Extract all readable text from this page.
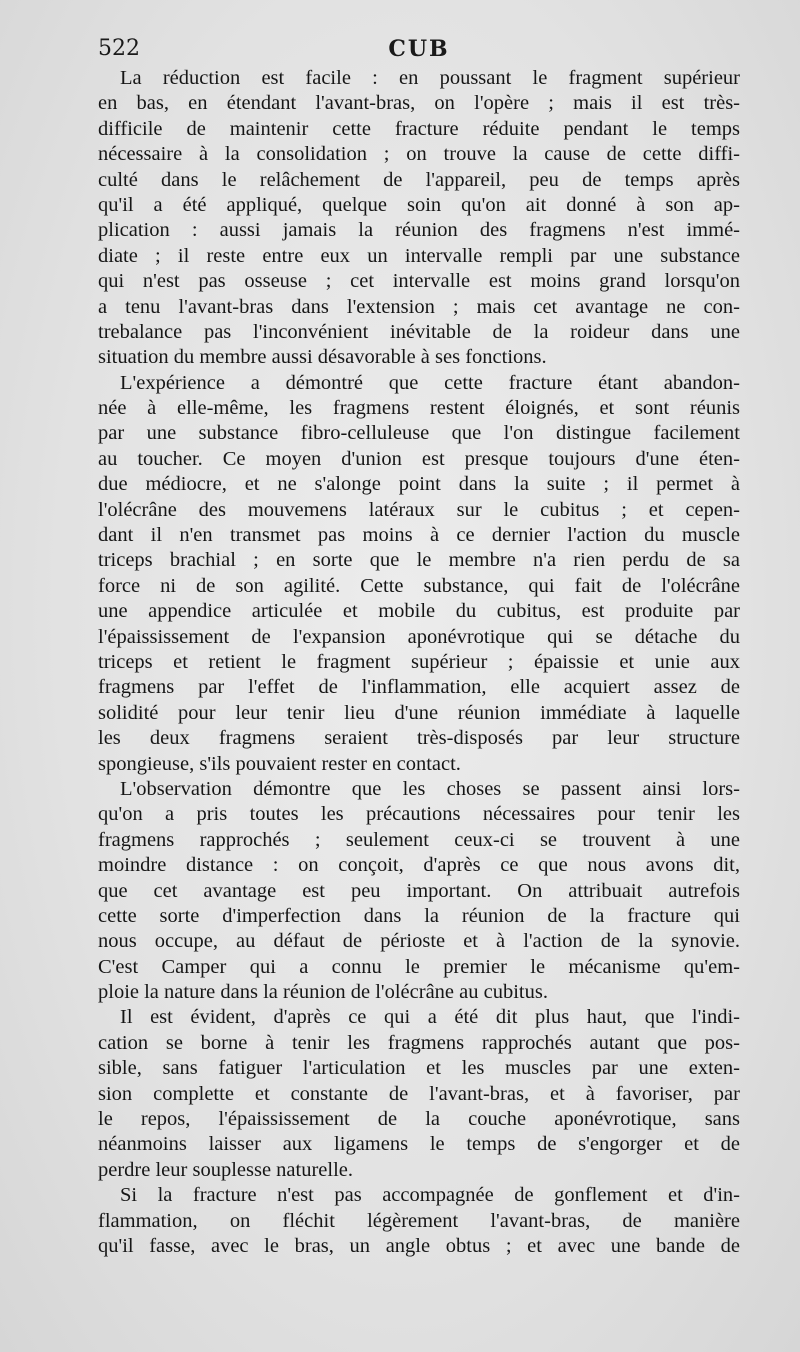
522	CUB

La réduction est facile : en poussant le fragment supérieur
en bas, en étendant l'avant-bras, on l'opère ; mais il est très-
difficile de maintenir cette fracture réduite pendant le temps
nécessaire à la consolidation ; on trouve la cause de cette diffi-
culté dans le relâchement de l'appareil, peu de temps après
qu'il a été appliqué, quelque soin qu'on ait donné à son ap-
plication : aussi jamais la réunion des fragmens n'est immé-
diate ; il reste entre eux un intervalle rempli par une substance
qui n'est pas osseuse ; cet intervalle est moins grand lorsqu'on
a tenu l'avant-bras dans l'extension ; mais cet avantage ne con-
trebalance pas l'inconvénient inévitable de la roideur dans une
situation du membre aussi désavorable à ses fonctions.

L'expérience a démontré que cette fracture étant abandon-
née à elle-même, les fragmens restent éloignés, et sont réunis
par une substance fibro-celluleuse que l'on distingue facilement
au toucher. Ce moyen d'union est presque toujours d'une éten-
due médiocre, et ne s'alonge point dans la suite ; il permet à
l'olécrâne des mouvemens latéraux sur le cubitus ; et cepen-
dant il n'en transmet pas moins à ce dernier l'action du muscle
triceps brachial ; en sorte que le membre n'a rien perdu de sa
force ni de son agilité. Cette substance, qui fait de l'olécrâne
une appendice articulée et mobile du cubitus, est produite par
l'épaississement de l'expansion aponévrotique qui se détache du
triceps et retient le fragment supérieur ; épaissie et unie aux
fragmens par l'effet de l'inflammation, elle acquiert assez de
solidité pour leur tenir lieu d'une réunion immédiate à laquelle
les deux fragmens seraient très-disposés par leur structure
spongieuse, s'ils pouvaient rester en contact.

L'observation démontre que les choses se passent ainsi lors-
qu'on a pris toutes les précautions nécessaires pour tenir les
fragmens rapprochés ; seulement ceux-ci se trouvent à une
moindre distance : on conçoit, d'après ce que nous avons dit,
que cet avantage est peu important. On attribuait autrefois
cette sorte d'imperfection dans la réunion de la fracture qui
nous occupe, au défaut de périoste et à l'action de la synovie.
C'est Camper qui a connu le premier le mécanisme qu'em-
ploie la nature dans la réunion de l'olécrâne au cubitus.

Il est évident, d'après ce qui a été dit plus haut, que l'indi-
cation se borne à tenir les fragmens rapprochés autant que pos-
sible, sans fatiguer l'articulation et les muscles par une exten-
sion complette et constante de l'avant-bras, et à favoriser, par
le repos, l'épaississement de la couche aponévrotique, sans
néanmoins laisser aux ligamens le temps de s'engorger et de
perdre leur souplesse naturelle.

Si la fracture n'est pas accompagnée de gonflement et d'in-
flammation, on fléchit légèrement l'avant-bras, de manière
qu'il fasse, avec le bras, un angle obtus ; et avec une bande de
